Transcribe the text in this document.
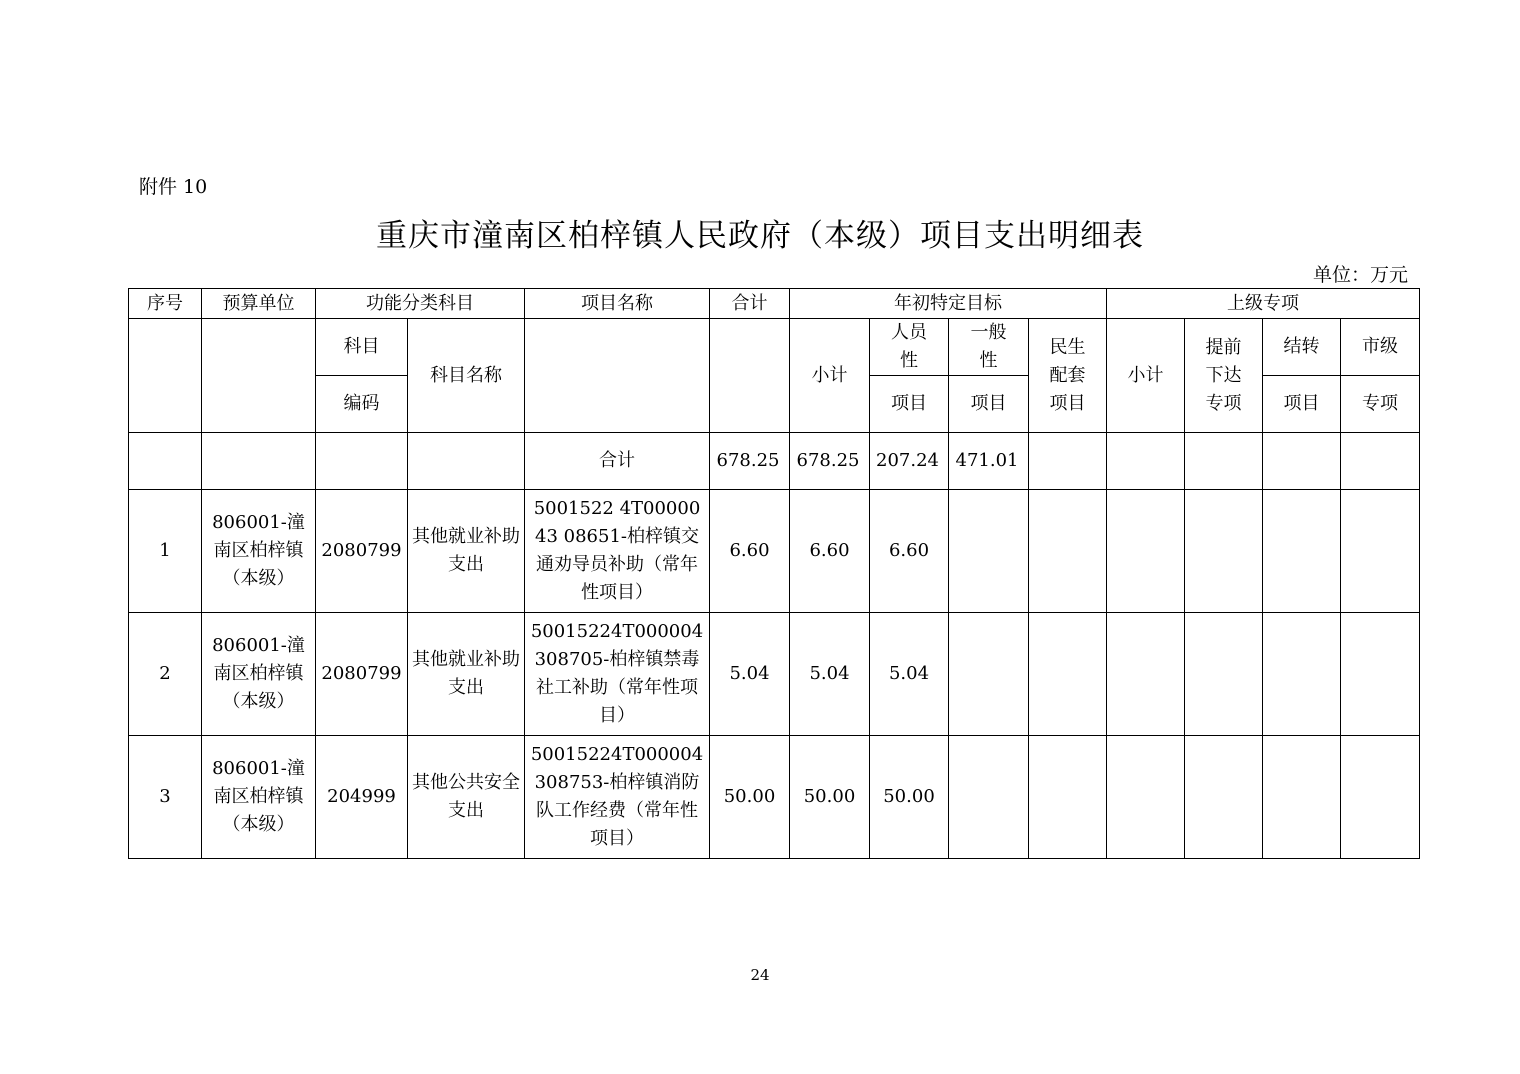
附件 10
重庆市潼南区柏梓镇人民政府（本级）项目支出明细表
单位：万元
序号	预算单位	功能分类科目		项目名称	合计	年初特定目标				上级专项			
		科目	科目名称			小计	人员性	一般性	民生配套项目	小计	提前下达专项	结转	市级
		编码					项目	项目				项目	专项
				合计	678.25	678.25	207.24	471.01					
1	806001-潼南区柏梓镇（本级）	2080799	其他就业补助支出	5001522 4T0000043 08651-柏梓镇交通劝导员补助（常年性项目）	6.60	6.60	6.60						
2	806001-潼南区柏梓镇（本级）	2080799	其他就业补助支出	50015224T000004308705-柏梓镇禁毒社工补助（常年性项目）	5.04	5.04	5.04						
3	806001-潼南区柏梓镇（本级）	204999	其他公共安全支出	50015224T000004308753-柏梓镇消防队工作经费（常年性项目）	50.00	50.00	50.00						
24
